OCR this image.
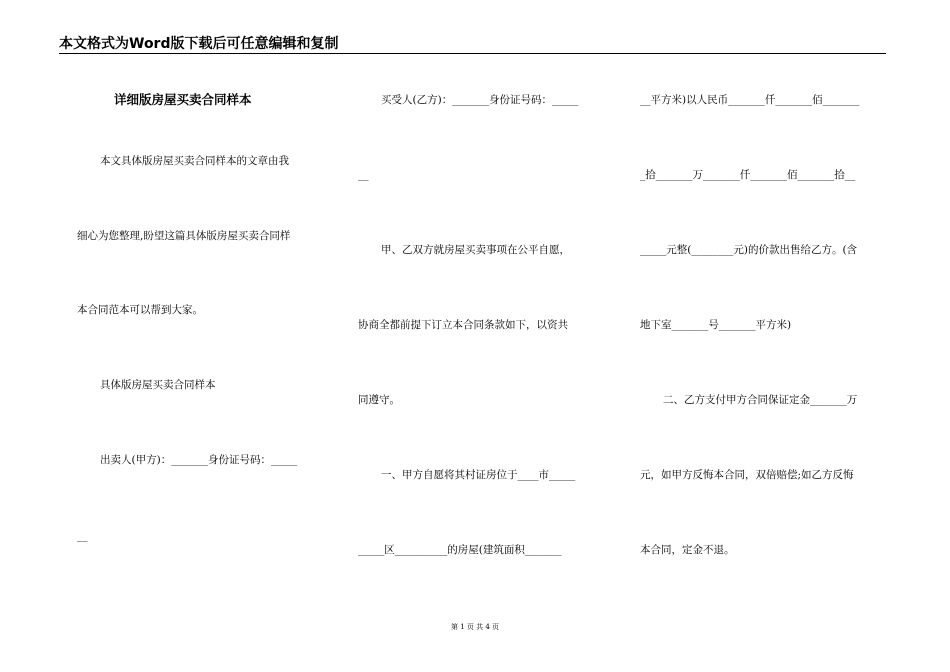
本文格式为Word版下载后可任意编辑和复制
详细版房屋买卖合同样本
本文具体版房屋买卖合同样本的文章由我
细心为您整理,盼望这篇具体版房屋买卖合同样
本合同范本可以帮到大家。
具体版房屋买卖合同样本
出卖人(甲方)：_______身份证号码：_____
__
买受人(乙方)：_______身份证号码：_____
__
甲、乙双方就房屋买卖事项在公平自愿，
协商全都前提下订立本合同条款如下，以资共
同遵守。
一、甲方自愿将其村证房位于____市_____
_____区__________的房屋(建筑面积_______
__平方米)以人民币_______仟_______佰_______
_拾_______万_______仟_______佰_______拾__
_____元整(________元)的价款出售给乙方。(含
地下室_______号_______平方米)
二、乙方支付甲方合同保证定金_______万
元，如甲方反悔本合同，双倍赔偿;如乙方反悔
本合同，定金不退。
第 1 页 共 4 页
